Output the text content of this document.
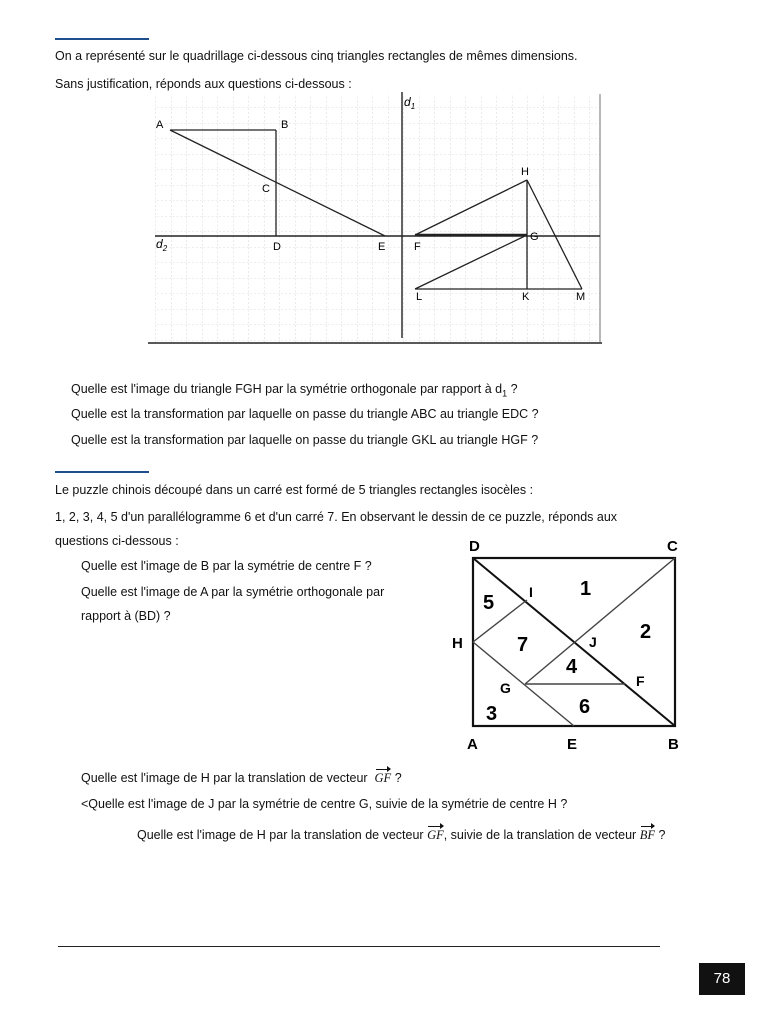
On a représenté sur le quadrillage ci-dessous cinq triangles rectangles de mêmes dimensions.
Sans justification, réponds aux questions ci-dessous :
$d_1$
$d_2$
A	B
C
D	E	F
G
H
K
L	M
Quelle est l'image du triangle FGH par la symétrie orthogonale par rapport à $d_1$ ?
Quelle est la transformation par laquelle on passe du triangle ABC au triangle EDC ?
Quelle est la transformation par laquelle on passe du triangle GKL au triangle HGF ?
Le puzzle chinois découpé dans un carré est formé de 5 triangles rectangles isocèles :
1, 2, 3, 4, 5 d'un parallélogramme 6 et d'un carré 7. En observant le dessin de ce puzzle, réponds aux
questions ci-dessous :
Quelle est l'image de B par la symétrie de centre F ?
Quelle est l'image de A par la symétrie orthogonale par
rapport à (BD) ?
D	C
H
A	E	B
I
J
G	F
1
2
3
4
5
6
7
Quelle est l'image de H par la translation de vecteur GF ?
<Quelle est l'image de J par la symétrie de centre G, suivie de la symétrie de centre H ?
Quelle est l'image de H par la translation de vecteur GF, suivie de la translation de vecteur BF ?
78
